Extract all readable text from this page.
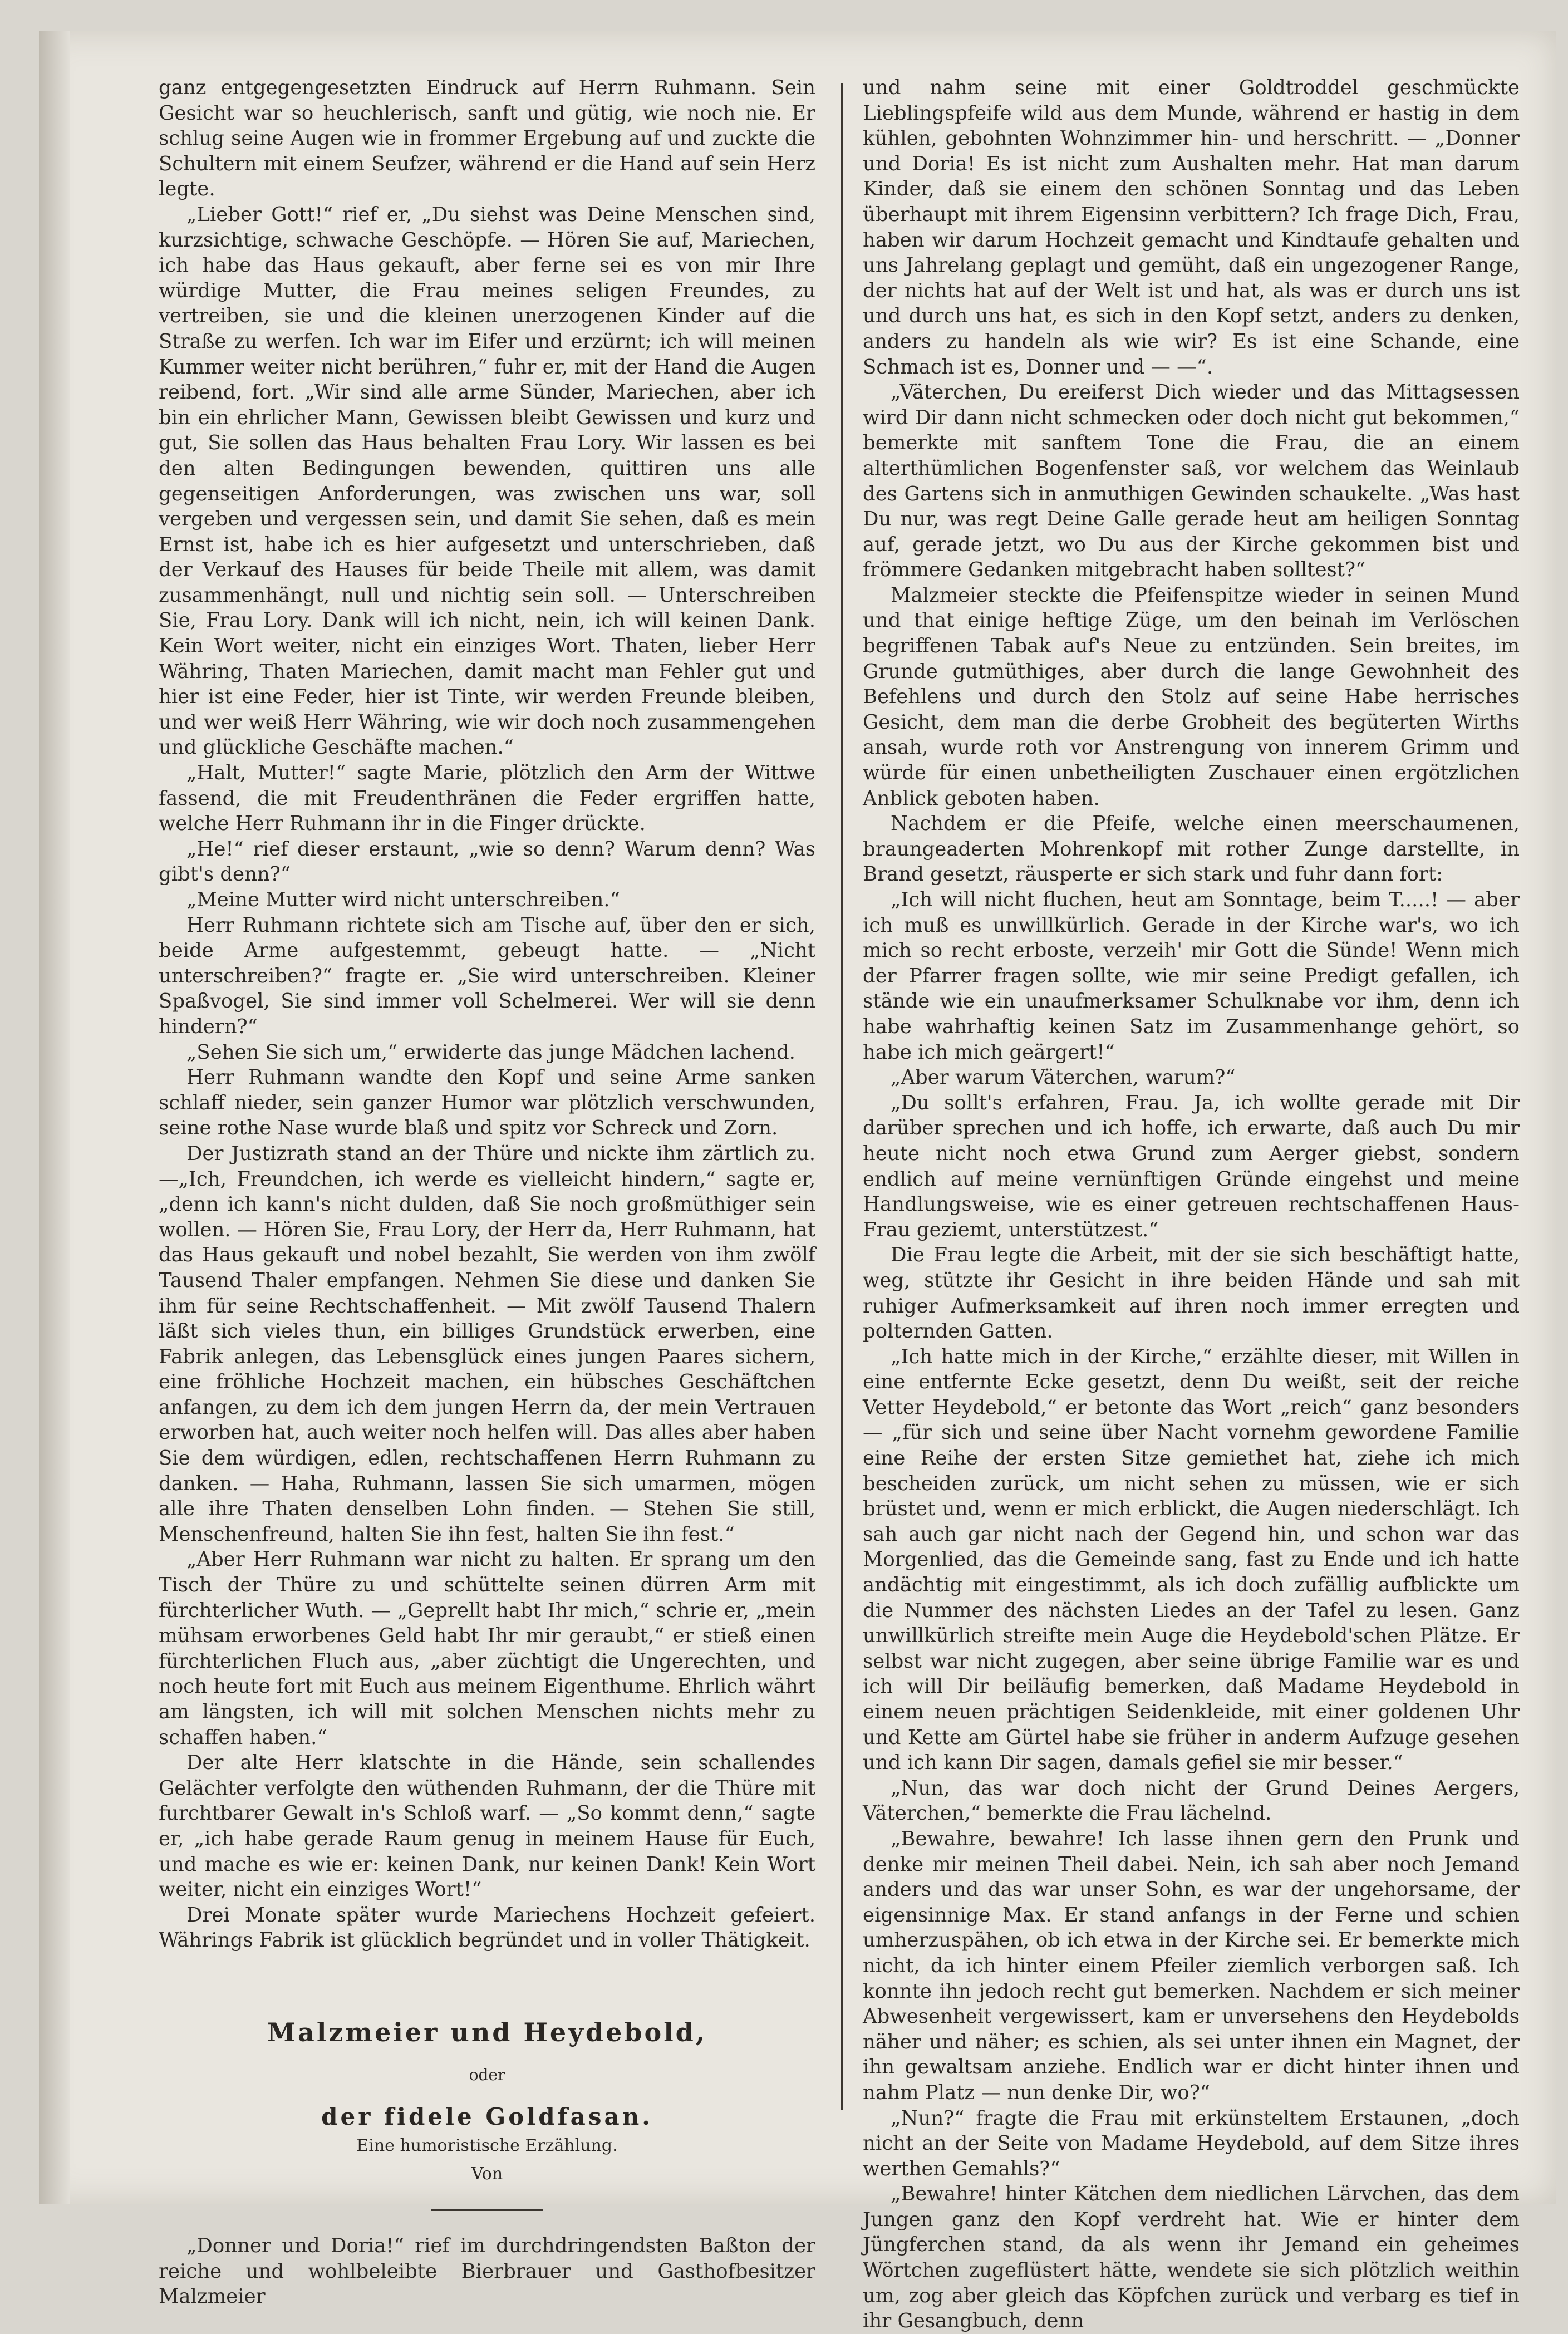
ganz entgegengesetzten Eindruck auf Herrn Ruhmann. Sein Gesicht war so heuchlerisch, sanft und gütig, wie noch nie. Er schlug seine Augen wie in frommer Ergebung auf und zuckte die Schultern mit einem Seufzer, während er die Hand auf sein Herz legte.

„Lieber Gott!“ rief er, „Du siehst was Deine Menschen sind, kurzsichtige, schwache Geschöpfe. — Hören Sie auf, Mariechen, ich habe das Haus gekauft, aber ferne sei es von mir Ihre würdige Mutter, die Frau meines seligen Freundes, zu vertreiben, sie und die kleinen unerzogenen Kinder auf die Straße zu werfen. Ich war im Eifer und erzürnt; ich will meinen Kummer weiter nicht berühren,“ fuhr er, mit der Hand die Augen reibend, fort. „Wir sind alle arme Sünder, Mariechen, aber ich bin ein ehrlicher Mann, Gewissen bleibt Gewissen und kurz und gut, Sie sollen das Haus behalten Frau Lory. Wir lassen es bei den alten Bedingungen bewenden, quittiren uns alle gegenseitigen Anforderungen, was zwischen uns war, soll vergeben und vergessen sein, und damit Sie sehen, daß es mein Ernst ist, habe ich es hier aufgesetzt und unterschrieben, daß der Verkauf des Hauses für beide Theile mit allem, was damit zusammenhängt, null und nichtig sein soll. — Unterschreiben Sie, Frau Lory. Dank will ich nicht, nein, ich will keinen Dank. Kein Wort weiter, nicht ein einziges Wort. Thaten, lieber Herr Währing, Thaten Mariechen, damit macht man Fehler gut und hier ist eine Feder, hier ist Tinte, wir werden Freunde bleiben, und wer weiß Herr Währing, wie wir doch noch zusammengehen und glückliche Geschäfte machen.“

„Halt, Mutter!“ sagte Marie, plötzlich den Arm der Wittwe fassend, die mit Freudenthränen die Feder ergriffen hatte, welche Herr Ruhmann ihr in die Finger drückte.

„He!“ rief dieser erstaunt, „wie so denn? Warum denn? Was gibt's denn?“

„Meine Mutter wird nicht unterschreiben.“

Herr Ruhmann richtete sich am Tische auf, über den er sich, beide Arme aufgestemmt, gebeugt hatte. — „Nicht unterschreiben?“ fragte er. „Sie wird unterschreiben. Kleiner Spaßvogel, Sie sind immer voll Schelmerei. Wer will sie denn hindern?“

„Sehen Sie sich um,“ erwiderte das junge Mädchen lachend.

Herr Ruhmann wandte den Kopf und seine Arme sanken schlaff nieder, sein ganzer Humor war plötzlich verschwunden, seine rothe Nase wurde blaß und spitz vor Schreck und Zorn.

Der Justizrath stand an der Thüre und nickte ihm zärtlich zu. —„Ich, Freundchen, ich werde es vielleicht hindern,“ sagte er, „denn ich kann's nicht dulden, daß Sie noch großmüthiger sein wollen. — Hören Sie, Frau Lory, der Herr da, Herr Ruhmann, hat das Haus gekauft und nobel bezahlt, Sie werden von ihm zwölf Tausend Thaler empfangen. Nehmen Sie diese und danken Sie ihm für seine Rechtschaffenheit. — Mit zwölf Tausend Thalern läßt sich vieles thun, ein billiges Grundstück erwerben, eine Fabrik anlegen, das Lebensglück eines jungen Paares sichern, eine fröhliche Hochzeit machen, ein hübsches Geschäftchen anfangen, zu dem ich dem jungen Herrn da, der mein Vertrauen erworben hat, auch weiter noch helfen will. Das alles aber haben Sie dem würdigen, edlen, rechtschaffenen Herrn Ruhmann zu danken. — Haha, Ruhmann, lassen Sie sich umarmen, mögen alle ihre Thaten denselben Lohn finden. — Stehen Sie still, Menschenfreund, halten Sie ihn fest, halten Sie ihn fest.“

„Aber Herr Ruhmann war nicht zu halten. Er sprang um den Tisch der Thüre zu und schüttelte seinen dürren Arm mit fürchterlicher Wuth. — „Geprellt habt Ihr mich,“ schrie er, „mein mühsam erworbenes Geld habt Ihr mir geraubt,“ er stieß einen fürchterlichen Fluch aus, „aber züchtigt die Ungerechten, und noch heute fort mit Euch aus meinem Eigenthume. Ehrlich währt am längsten, ich will mit solchen Menschen nichts mehr zu schaffen haben.“

Der alte Herr klatschte in die Hände, sein schallendes Gelächter verfolgte den wüthenden Ruhmann, der die Thüre mit furchtbarer Gewalt in's Schloß warf. — „So kommt denn,“ sagte er, „ich habe gerade Raum genug in meinem Hause für Euch, und mache es wie er: keinen Dank, nur keinen Dank! Kein Wort weiter, nicht ein einziges Wort!“

Drei Monate später wurde Mariechens Hochzeit gefeiert. Währings Fabrik ist glücklich begründet und in voller Thätigkeit.

Malzmeier und Heydebold,

oder

der fidele Goldfasan.

Eine humoristische Erzählung.

Von

„Donner und Doria!“ rief im durchdringendsten Baßton der reiche und wohlbeleibte Bierbrauer und Gasthofbesitzer Malzmeier

und nahm seine mit einer Goldtroddel geschmückte Lieblingspfeife wild aus dem Munde, während er hastig in dem kühlen, gebohnten Wohnzimmer hin- und herschritt. — „Donner und Doria! Es ist nicht zum Aushalten mehr. Hat man darum Kinder, daß sie einem den schönen Sonntag und das Leben überhaupt mit ihrem Eigensinn verbittern? Ich frage Dich, Frau, haben wir darum Hochzeit gemacht und Kindtaufe gehalten und uns Jahrelang geplagt und gemüht, daß ein ungezogener Range, der nichts hat auf der Welt ist und hat, als was er durch uns ist und durch uns hat, es sich in den Kopf setzt, anders zu denken, anders zu handeln als wie wir? Es ist eine Schande, eine Schmach ist es, Donner und — —“.

„Väterchen, Du ereiferst Dich wieder und das Mittagsessen wird Dir dann nicht schmecken oder doch nicht gut bekommen,“ bemerkte mit sanftem Tone die Frau, die an einem alterthümlichen Bogenfenster saß, vor welchem das Weinlaub des Gartens sich in anmuthigen Gewinden schaukelte. „Was hast Du nur, was regt Deine Galle gerade heut am heiligen Sonntag auf, gerade jetzt, wo Du aus der Kirche gekommen bist und frömmere Gedanken mitgebracht haben solltest?“

Malzmeier steckte die Pfeifenspitze wieder in seinen Mund und that einige heftige Züge, um den beinah im Verlöschen begriffenen Tabak auf's Neue zu entzünden. Sein breites, im Grunde gutmüthiges, aber durch die lange Gewohnheit des Befehlens und durch den Stolz auf seine Habe herrisches Gesicht, dem man die derbe Grobheit des begüterten Wirths ansah, wurde roth vor Anstrengung von innerem Grimm und würde für einen unbetheiligten Zuschauer einen ergötzlichen Anblick geboten haben.

Nachdem er die Pfeife, welche einen meerschaumenen, braungeaderten Mohrenkopf mit rother Zunge darstellte, in Brand gesetzt, räusperte er sich stark und fuhr dann fort:

„Ich will nicht fluchen, heut am Sonntage, beim T.....! — aber ich muß es unwillkürlich. Gerade in der Kirche war's, wo ich mich so recht erboste, verzeih' mir Gott die Sünde! Wenn mich der Pfarrer fragen sollte, wie mir seine Predigt gefallen, ich stände wie ein unaufmerksamer Schulknabe vor ihm, denn ich habe wahrhaftig keinen Satz im Zusammenhange gehört, so habe ich mich geärgert!“

„Aber warum Väterchen, warum?“

„Du sollt's erfahren, Frau. Ja, ich wollte gerade mit Dir darüber sprechen und ich hoffe, ich erwarte, daß auch Du mir heute nicht noch etwa Grund zum Aerger giebst, sondern endlich auf meine vernünftigen Gründe eingehst und meine Handlungsweise, wie es einer getreuen rechtschaffenen Haus-Frau geziemt, unterstützest.“

Die Frau legte die Arbeit, mit der sie sich beschäftigt hatte, weg, stützte ihr Gesicht in ihre beiden Hände und sah mit ruhiger Aufmerksamkeit auf ihren noch immer erregten und polternden Gatten.

„Ich hatte mich in der Kirche,“ erzählte dieser, mit Willen in eine entfernte Ecke gesetzt, denn Du weißt, seit der reiche Vetter Heydebold,“ er betonte das Wort „reich“ ganz besonders — „für sich und seine über Nacht vornehm gewordene Familie eine Reihe der ersten Sitze gemiethet hat, ziehe ich mich bescheiden zurück, um nicht sehen zu müssen, wie er sich brüstet und, wenn er mich erblickt, die Augen niederschlägt. Ich sah auch gar nicht nach der Gegend hin, und schon war das Morgenlied, das die Gemeinde sang, fast zu Ende und ich hatte andächtig mit eingestimmt, als ich doch zufällig aufblickte um die Nummer des nächsten Liedes an der Tafel zu lesen. Ganz unwillkürlich streifte mein Auge die Heydebold'schen Plätze. Er selbst war nicht zugegen, aber seine übrige Familie war es und ich will Dir beiläufig bemerken, daß Madame Heydebold in einem neuen prächtigen Seidenkleide, mit einer goldenen Uhr und Kette am Gürtel habe sie früher in anderm Aufzuge gesehen und ich kann Dir sagen, damals gefiel sie mir besser.“

„Nun, das war doch nicht der Grund Deines Aergers, Väterchen,“ bemerkte die Frau lächelnd.

„Bewahre, bewahre! Ich lasse ihnen gern den Prunk und denke mir meinen Theil dabei. Nein, ich sah aber noch Jemand anders und das war unser Sohn, es war der ungehorsame, der eigensinnige Max. Er stand anfangs in der Ferne und schien umherzuspähen, ob ich etwa in der Kirche sei. Er bemerkte mich nicht, da ich hinter einem Pfeiler ziemlich verborgen saß. Ich konnte ihn jedoch recht gut bemerken. Nachdem er sich meiner Abwesenheit vergewissert, kam er unversehens den Heydebolds näher und näher; es schien, als sei unter ihnen ein Magnet, der ihn gewaltsam anziehe. Endlich war er dicht hinter ihnen und nahm Platz — nun denke Dir, wo?“

„Nun?“ fragte die Frau mit erkünsteltem Erstaunen, „doch nicht an der Seite von Madame Heydebold, auf dem Sitze ihres werthen Gemahls?“

„Bewahre! hinter Kätchen dem niedlichen Lärvchen, das dem Jungen ganz den Kopf verdreht hat. Wie er hinter dem Jüngferchen stand, da als wenn ihr Jemand ein geheimes Wörtchen zugeflüstert hätte, wendete sie sich plötzlich weithin um, zog aber gleich das Köpfchen zurück und verbarg es tief in ihr Gesangbuch, denn
